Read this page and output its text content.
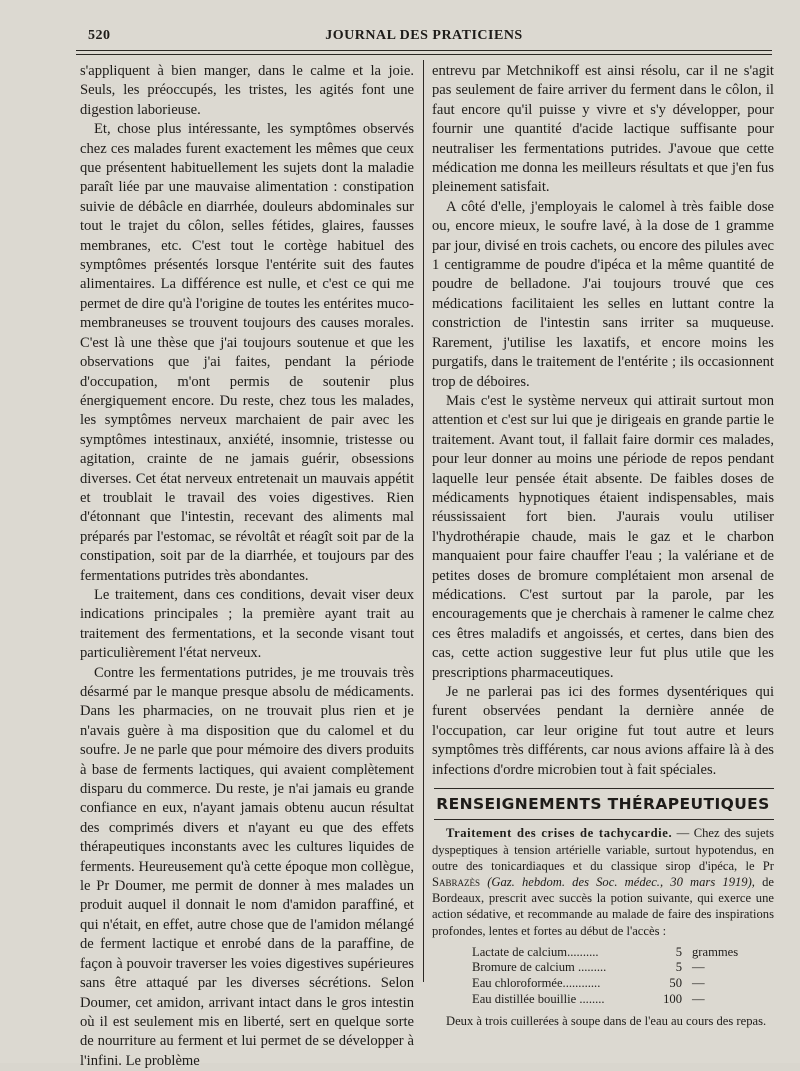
520	JOURNAL DES PRATICIENS

s'appliquent à bien manger, dans le calme et la joie. Seuls, les préoccupés, les tristes, les agités font une digestion laborieuse.

Et, chose plus intéressante, les symptômes observés chez ces malades furent exactement les mêmes que ceux que présentent habituellement les sujets dont la maladie paraît liée par une mauvaise alimentation : constipation suivie de débâcle en diarrhée, douleurs abdominales sur tout le trajet du côlon, selles fétides, glaires, fausses membranes, etc. C'est tout le cortège habituel des symptômes présentés lorsque l'entérite suit des fautes alimentaires. La différence est nulle, et c'est ce qui me permet de dire qu'à l'origine de toutes les entérites muco-membraneuses se trouvent toujours des causes morales. C'est là une thèse que j'ai toujours soutenue et que les observations que j'ai faites, pendant la période d'occupation, m'ont permis de soutenir plus énergiquement encore. Du reste, chez tous les malades, les symptômes nerveux marchaient de pair avec les symptômes intestinaux, anxiété, insomnie, tristesse ou agitation, crainte de ne jamais guérir, obsessions diverses. Cet état nerveux entretenait un mauvais appétit et troublait le travail des voies digestives. Rien d'étonnant que l'intestin, recevant des aliments mal préparés par l'estomac, se révoltât et réagît soit par de la constipation, soit par de la diarrhée, et toujours par des fermentations putrides très abondantes.

Le traitement, dans ces conditions, devait viser deux indications principales ; la première ayant trait au traitement des fermentations, et la seconde visant tout particulièrement l'état nerveux.

Contre les fermentations putrides, je me trouvais très désarmé par le manque presque absolu de médicaments. Dans les pharmacies, on ne trouvait plus rien et je n'avais guère à ma disposition que du calomel et du soufre. Je ne parle que pour mémoire des divers produits à base de ferments lactiques, qui avaient complètement disparu du commerce. Du reste, je n'ai jamais eu grande confiance en eux, n'ayant jamais obtenu aucun résultat des comprimés divers et n'ayant eu que des effets thérapeutiques inconstants avec les cultures liquides de ferments. Heureusement qu'à cette époque mon collègue, le Pr Doumer, me permit de donner à mes malades un produit auquel il donnait le nom d'amidon paraffiné, et qui n'était, en effet, autre chose que de l'amidon mélangé de ferment lactique et enrobé dans de la paraffine, de façon à pouvoir traverser les voies digestives supérieures sans être attaqué par les diverses sécrétions. Selon Doumer, cet amidon, arrivant intact dans le gros intestin où il est seulement mis en liberté, sert en quelque sorte de nourriture au ferment et lui permet de se développer à l'infini. Le problème

entrevu par Metchnikoff est ainsi résolu, car il ne s'agit pas seulement de faire arriver du ferment dans le côlon, il faut encore qu'il puisse y vivre et s'y développer, pour fournir une quantité d'acide lactique suffisante pour neutraliser les fermentations putrides. J'avoue que cette médication me donna les meilleurs résultats et que j'en fus pleinement satisfait.

A côté d'elle, j'employais le calomel à très faible dose ou, encore mieux, le soufre lavé, à la dose de 1 gramme par jour, divisé en trois cachets, ou encore des pilules avec 1 centigramme de poudre d'ipéca et la même quantité de poudre de belladone. J'ai toujours trouvé que ces médications facilitaient les selles en luttant contre la constriction de l'intestin sans irriter sa muqueuse. Rarement, j'utilise les laxatifs, et encore moins les purgatifs, dans le traitement de l'entérite ; ils occasionnent trop de déboires.

Mais c'est le système nerveux qui attirait surtout mon attention et c'est sur lui que je dirigeais en grande partie le traitement. Avant tout, il fallait faire dormir ces malades, pour leur donner au moins une période de repos pendant laquelle leur pensée était absente. De faibles doses de médicaments hypnotiques étaient indispensables, mais réussissaient fort bien. J'aurais voulu utiliser l'hydrothérapie chaude, mais le gaz et le charbon manquaient pour faire chauffer l'eau ; la valériane et de petites doses de bromure complétaient mon arsenal de médications. C'est surtout par la parole, par les encouragements que je cherchais à ramener le calme chez ces êtres maladifs et angoissés, et certes, dans bien des cas, cette action suggestive leur fut plus utile que les prescriptions pharmaceutiques.

Je ne parlerai pas ici des formes dysentériques qui furent observées pendant la dernière année de l'occupation, car leur origine fut tout autre et leurs symptômes très différents, car nous avions affaire là à des infections d'ordre microbien tout à fait spéciales.

RENSEIGNEMENTS THÉRAPEUTIQUES

Traitement des crises de tachycardie. — Chez des sujets dyspeptiques à tension artérielle variable, surtout hypotendus, en outre des tonicardiaques et du classique sirop d'ipéca, le Pr Sabrazès (Gaz. hebdom. des Soc. médec., 30 mars 1919), de Bordeaux, prescrit avec succès la potion suivante, qui exerce une action sédative, et recommande au malade de faire des inspirations profondes, lentes et fortes au début de l'accès :

Lactate de calcium..........	5 grammes
Bromure de calcium .........	5 —
Eau chloroformée............	50 —
Eau distillée bouillie ........	100 —

Deux à trois cuillerées à soupe dans de l'eau au cours des repas.
